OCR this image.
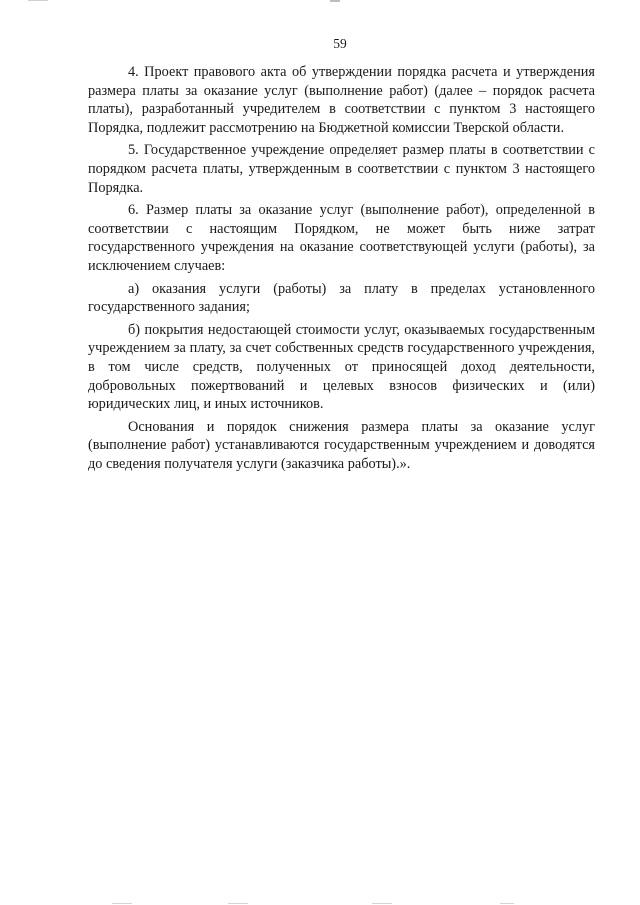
59

4. Проект правового акта об утверждении порядка расчета и утверждения размера платы за оказание услуг (выполнение работ) (далее – порядок расчета платы), разработанный учредителем в соответствии с пунктом 3 настоящего Порядка, подлежит рассмотрению на Бюджетной комиссии Тверской области.

5. Государственное учреждение определяет размер платы в соответствии с порядком расчета платы, утвержденным в соответствии с пунктом 3 настоящего Порядка.

6. Размер платы за оказание услуг (выполнение работ), определенной в соответствии с настоящим Порядком, не может быть ниже затрат государственного учреждения на оказание соответствующей услуги (работы), за исключением случаев:

а) оказания услуги (работы) за плату в пределах установленного государственного задания;

б) покрытия недостающей стоимости услуг, оказываемых государственным учреждением за плату, за счет собственных средств государственного учреждения, в том числе средств, полученных от приносящей доход деятельности, добровольных пожертвований и целевых взносов физических и (или) юридических лиц, и иных источников.

Основания и порядок снижения размера платы за оказание услуг (выполнение работ) устанавливаются государственным учреждением и доводятся до сведения получателя услуги (заказчика работы).».
